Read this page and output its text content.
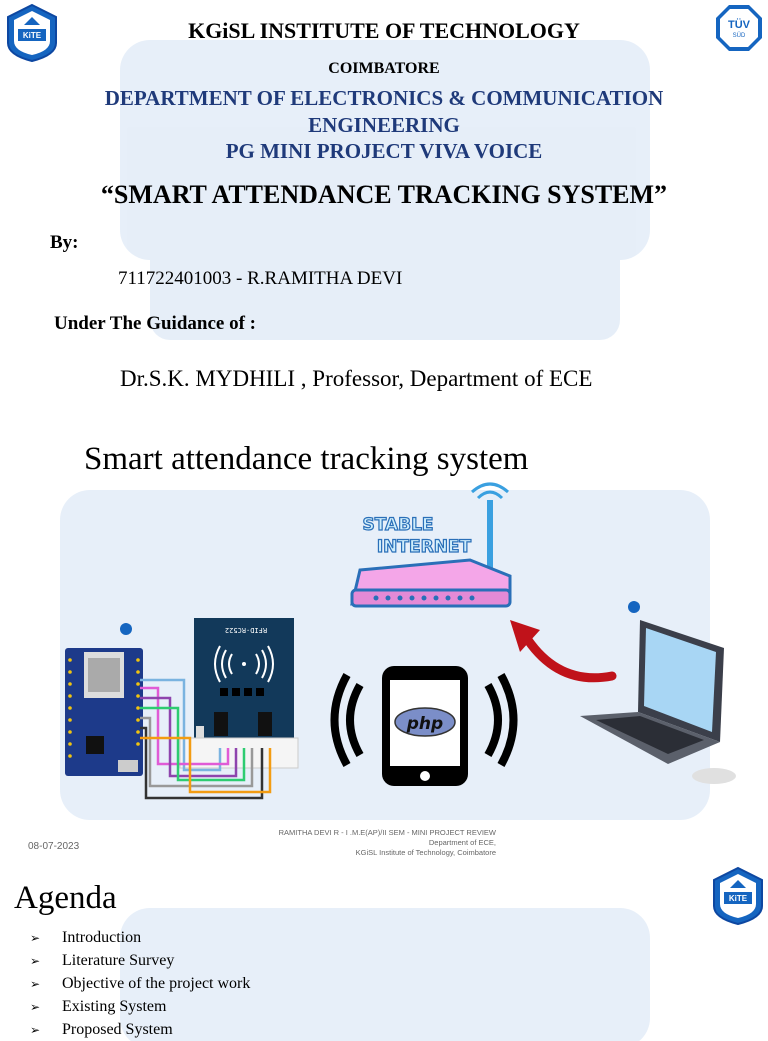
KiTE
TÜV
SÜD
KGiSL INSTITUTE OF TECHNOLOGY
COIMBATORE
DEPARTMENT OF ELECTRONICS & COMMUNICATION
ENGINEERING
PG MINI PROJECT VIVA VOICE
“SMART ATTENDANCE TRACKING SYSTEM”
By:
711722401003 - R.RAMITHA DEVI
Under The Guidance of :
Dr.S.K. MYDHILI , Professor, Department of ECE
Smart attendance tracking system
STABLE
INTERNET
php
RFID-RC522
08-07-2023
RAMITHA DEVI R - I .M.E(AP)/II SEM - MINI PROJECT REVIEW
Department of ECE,
KGiSL Institute of Technology, Coimbatore
KiTE
Agenda
➢	Introduction
➢	Literature Survey
➢	Objective of the project work
➢	Existing System
➢	Proposed System
